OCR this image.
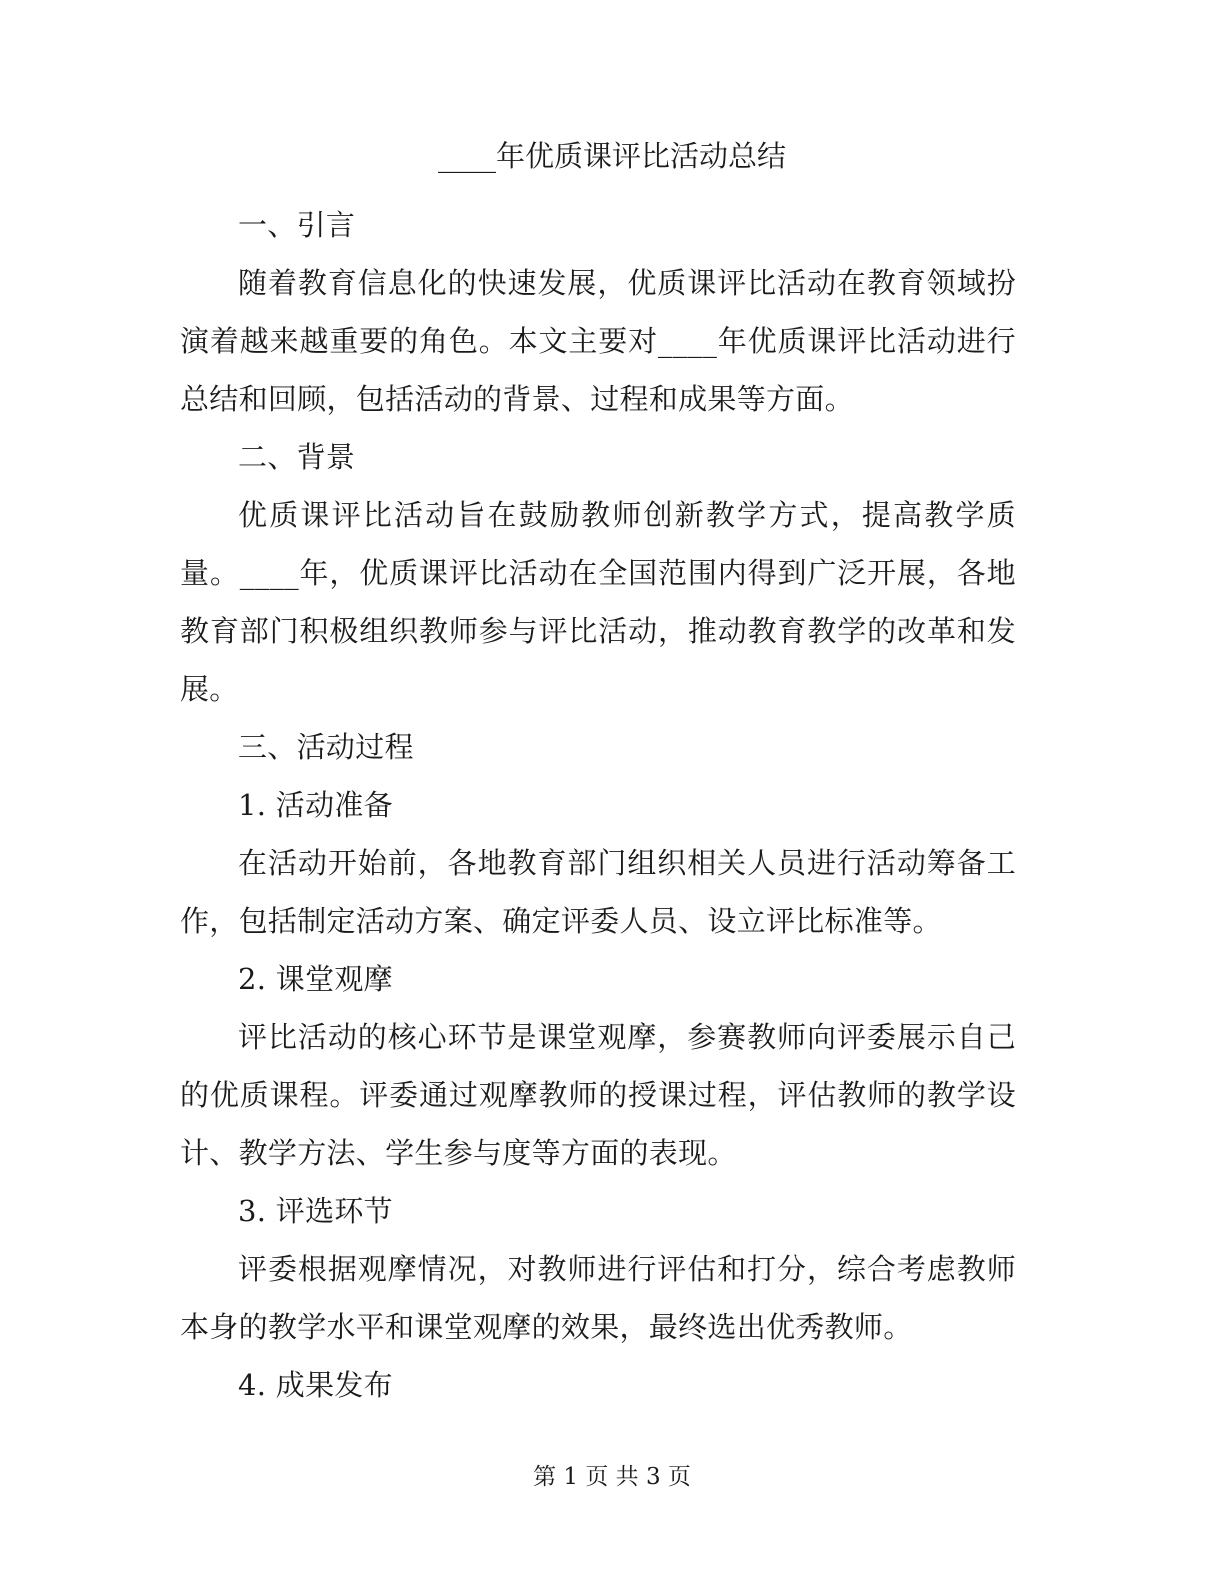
____年优质课评比活动总结

一、引言

随着教育信息化的快速发展，优质课评比活动在教育领域扮演着越来越重要的角色。本文主要对____年优质课评比活动进行总结和回顾，包括活动的背景、过程和成果等方面。

二、背景

优质课评比活动旨在鼓励教师创新教学方式，提高教学质量。____年，优质课评比活动在全国范围内得到广泛开展，各地教育部门积极组织教师参与评比活动，推动教育教学的改革和发展。

三、活动过程

1. 活动准备

在活动开始前，各地教育部门组织相关人员进行活动筹备工作，包括制定活动方案、确定评委人员、设立评比标准等。

2. 课堂观摩

评比活动的核心环节是课堂观摩，参赛教师向评委展示自己的优质课程。评委通过观摩教师的授课过程，评估教师的教学设计、教学方法、学生参与度等方面的表现。

3. 评选环节

评委根据观摩情况，对教师进行评估和打分，综合考虑教师本身的教学水平和课堂观摩的效果，最终选出优秀教师。

4. 成果发布

第 1 页 共 3 页
